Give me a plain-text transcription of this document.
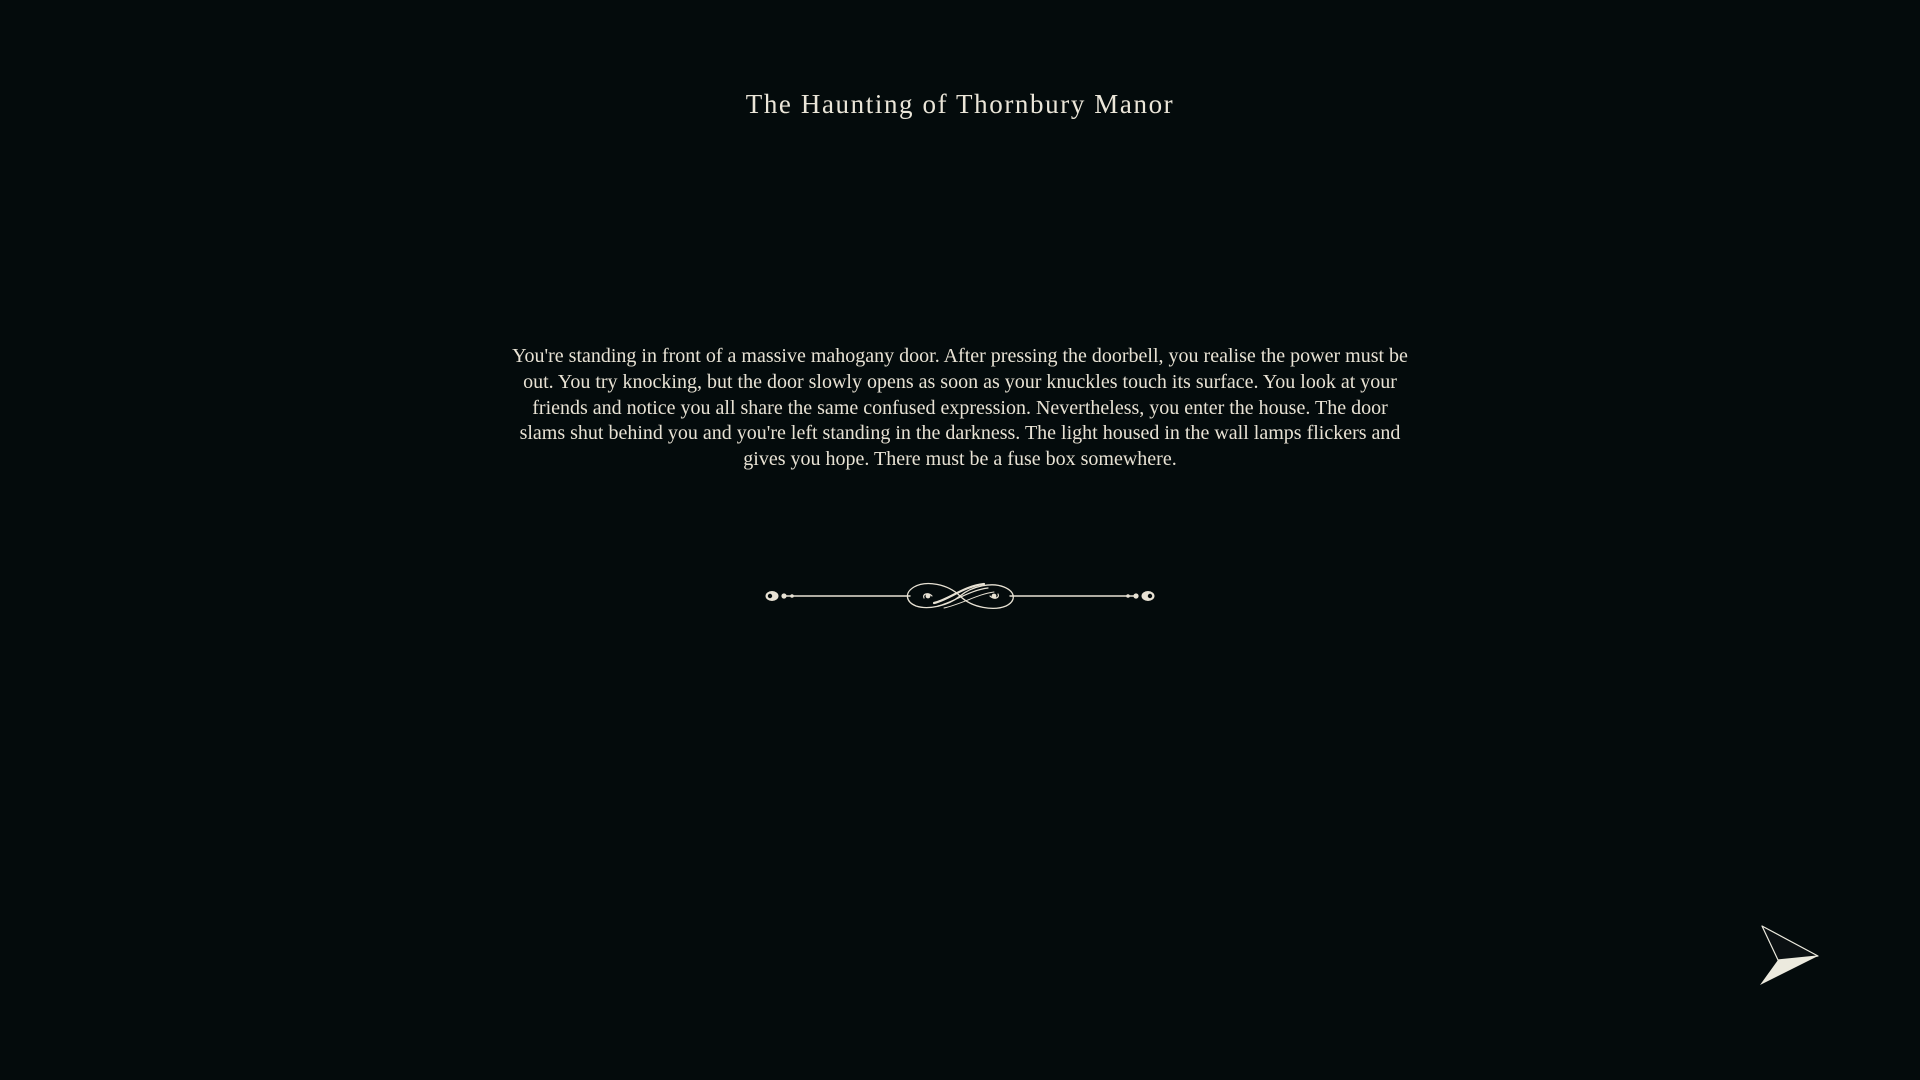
The Haunting of Thornbury Manor
You're standing in front of a massive mahogany door. After pressing the doorbell, you realise the power must be out. You try knocking, but the door slowly opens as soon as your knuckles touch its surface. You look at your friends and notice you all share the same confused expression. Nevertheless, you enter the house. The door slams shut behind you and you're left standing in the darkness. The light housed in the wall lamps flickers and gives you hope. There must be a fuse box somewhere.
